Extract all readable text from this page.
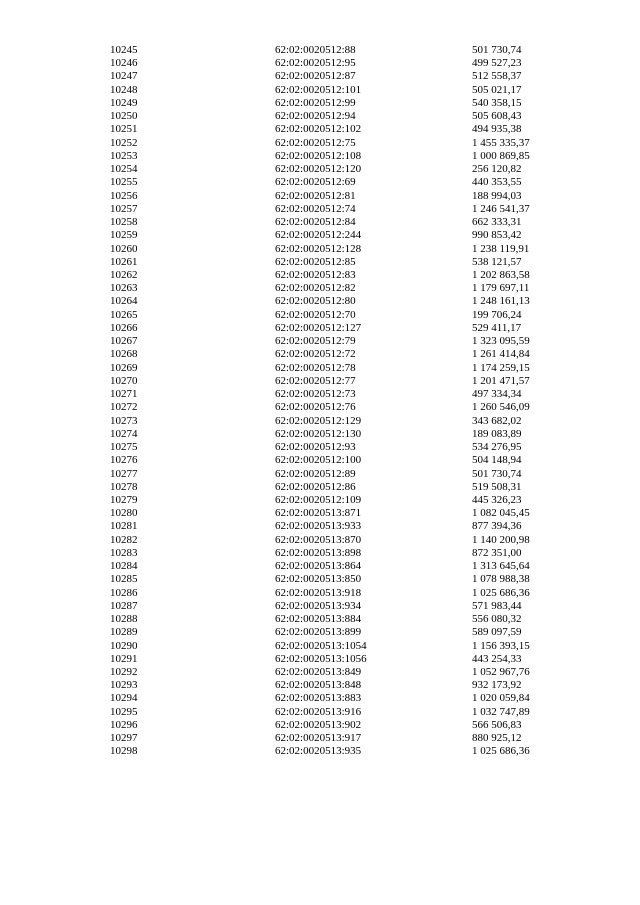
10245	62:02:0020512:88	501 730,74
10246	62:02:0020512:95	499 527,23
10247	62:02:0020512:87	512 558,37
10248	62:02:0020512:101	505 021,17
10249	62:02:0020512:99	540 358,15
10250	62:02:0020512:94	505 608,43
10251	62:02:0020512:102	494 935,38
10252	62:02:0020512:75	1 455 335,37
10253	62:02:0020512:108	1 000 869,85
10254	62:02:0020512:120	256 120,82
10255	62:02:0020512:69	440 353,55
10256	62:02:0020512:81	188 994,03
10257	62:02:0020512:74	1 246 541,37
10258	62:02:0020512:84	662 333,31
10259	62:02:0020512:244	990 853,42
10260	62:02:0020512:128	1 238 119,91
10261	62:02:0020512:85	538 121,57
10262	62:02:0020512:83	1 202 863,58
10263	62:02:0020512:82	1 179 697,11
10264	62:02:0020512:80	1 248 161,13
10265	62:02:0020512:70	199 706,24
10266	62:02:0020512:127	529 411,17
10267	62:02:0020512:79	1 323 095,59
10268	62:02:0020512:72	1 261 414,84
10269	62:02:0020512:78	1 174 259,15
10270	62:02:0020512:77	1 201 471,57
10271	62:02:0020512:73	497 334,34
10272	62:02:0020512:76	1 260 546,09
10273	62:02:0020512:129	343 682,02
10274	62:02:0020512:130	189 083,89
10275	62:02:0020512:93	534 276,95
10276	62:02:0020512:100	504 148,94
10277	62:02:0020512:89	501 730,74
10278	62:02:0020512:86	519 508,31
10279	62:02:0020512:109	445 326,23
10280	62:02:0020513:871	1 082 045,45
10281	62:02:0020513:933	877 394,36
10282	62:02:0020513:870	1 140 200,98
10283	62:02:0020513:898	872 351,00
10284	62:02:0020513:864	1 313 645,64
10285	62:02:0020513:850	1 078 988,38
10286	62:02:0020513:918	1 025 686,36
10287	62:02:0020513:934	571 983,44
10288	62:02:0020513:884	556 080,32
10289	62:02:0020513:899	589 097,59
10290	62:02:0020513:1054	1 156 393,15
10291	62:02:0020513:1056	443 254,33
10292	62:02:0020513:849	1 052 967,76
10293	62:02:0020513:848	932 173,92
10294	62:02:0020513:883	1 020 059,84
10295	62:02:0020513:916	1 032 747,89
10296	62:02:0020513:902	566 506,83
10297	62:02:0020513:917	880 925,12
10298	62:02:0020513:935	1 025 686,36
